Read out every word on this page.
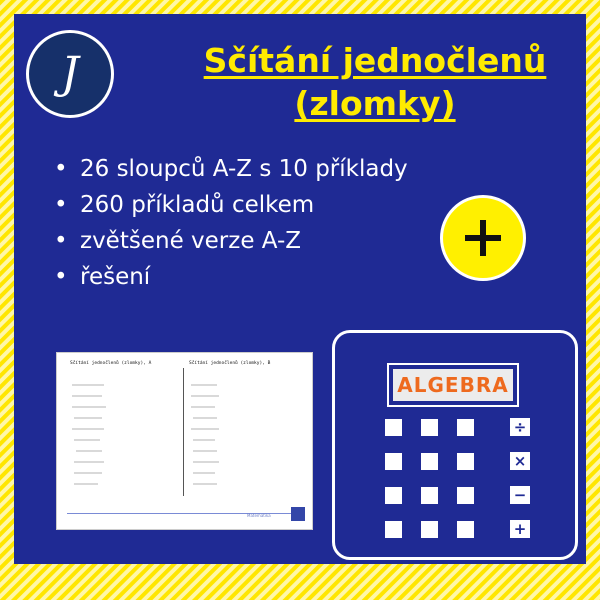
J	Sčítání jednočlenů
(zlomky)
• 26 sloupců A-Z s 10 příklady
• 260 příkladů celkem
• zvětšené verze A-Z
• řešení
Sčítání jednočlenů (zlomky), A	Sčítání jednočlenů (zlomky), B
Matematika
ALGEBRA
÷
×
−
+
